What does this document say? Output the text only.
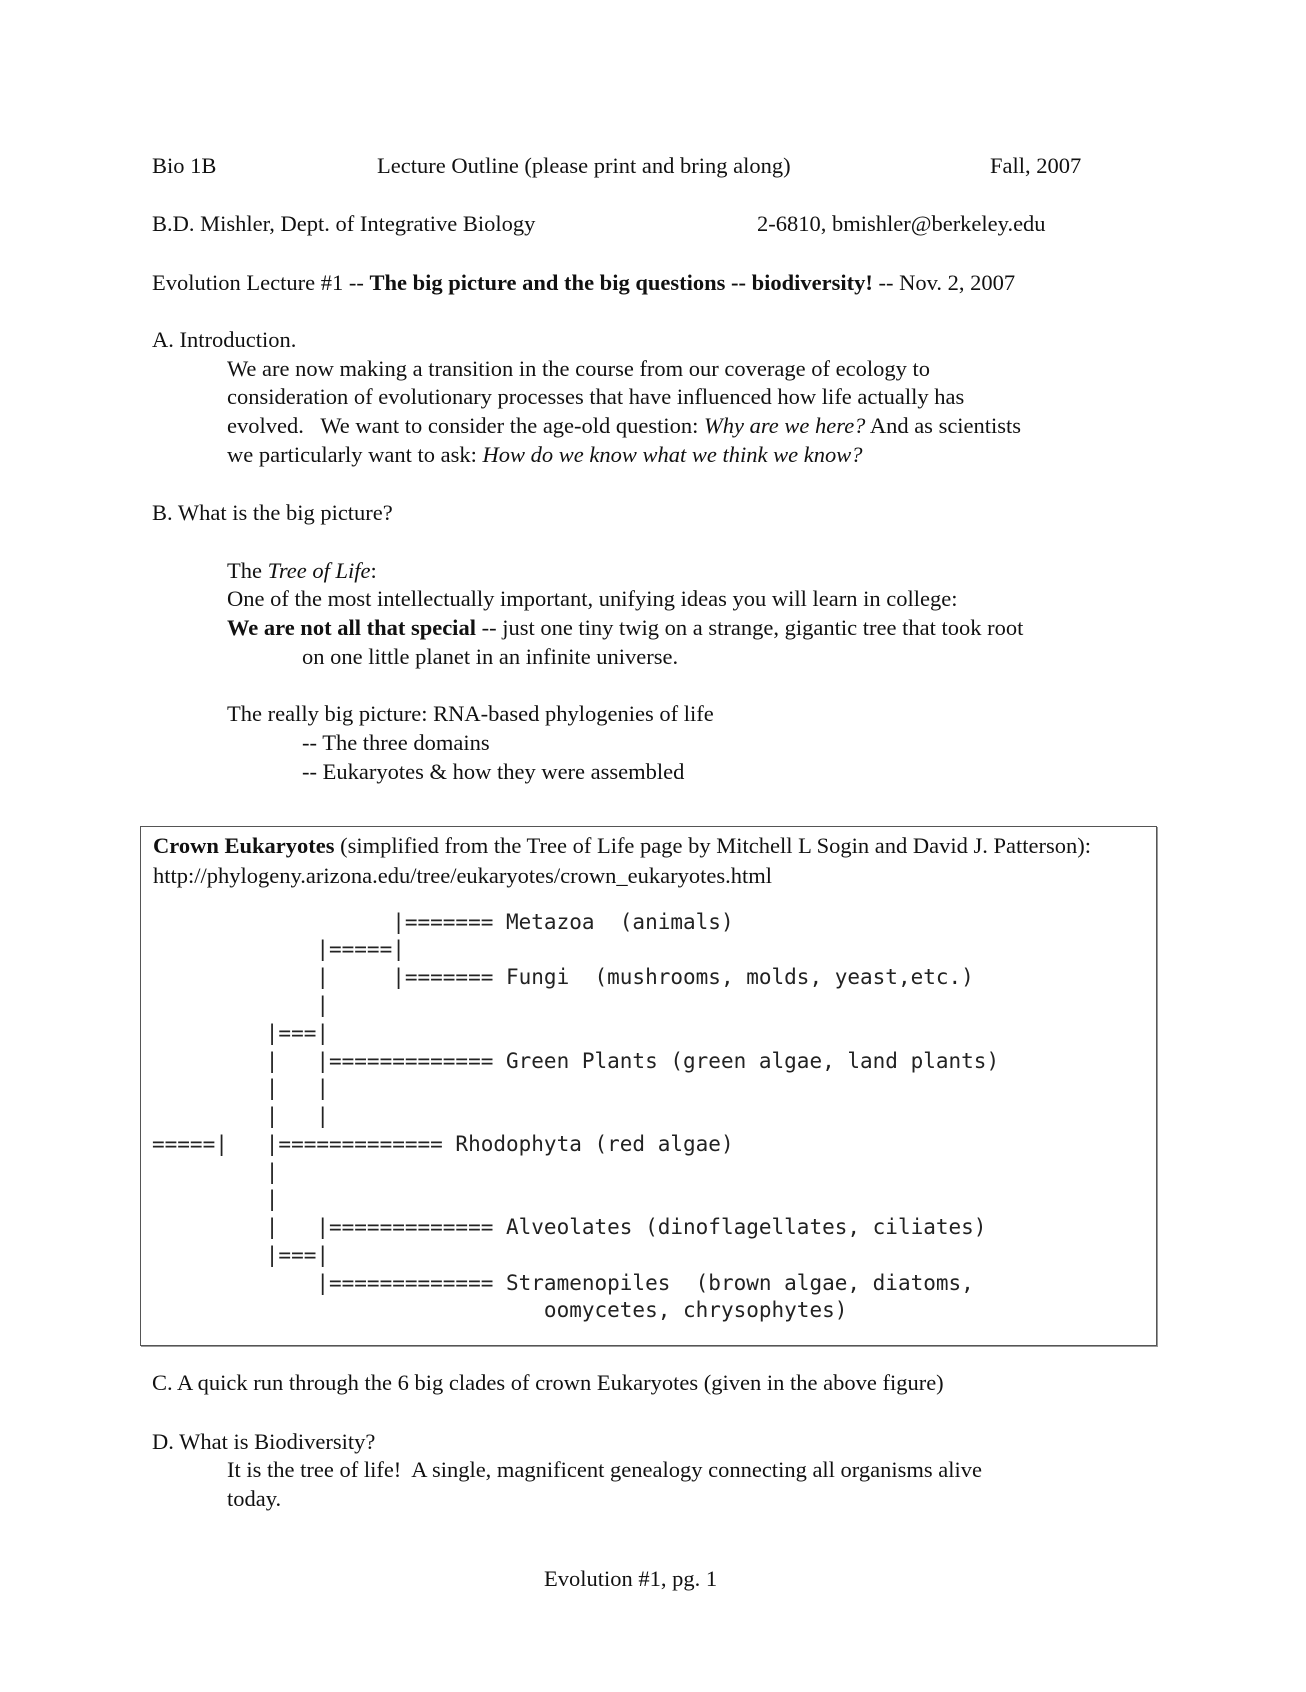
Bio 1B	Lecture Outline (please print and bring along)	Fall, 2007
B.D. Mishler, Dept. of Integrative Biology	2-6810, bmishler@berkeley.edu
Evolution Lecture #1 -- The big picture and the big questions -- biodiversity! -- Nov. 2, 2007
A. Introduction.
We are now making a transition in the course from our coverage of ecology to
consideration of evolutionary processes that have influenced how life actually has
evolved.   We want to consider the age-old question: Why are we here? And as scientists
we particularly want to ask: How do we know what we think we know?
B. What is the big picture?
The Tree of Life:
One of the most intellectually important, unifying ideas you will learn in college:
We are not all that special -- just one tiny twig on a strange, gigantic tree that took root
on one little planet in an infinite universe.
The really big picture: RNA-based phylogenies of life
-- The three domains
-- Eukaryotes & how they were assembled
Crown Eukaryotes (simplified from the Tree of Life page by Mitchell L Sogin and David J. Patterson): http://phylogeny.arizona.edu/tree/eukaryotes/crown_eukaryotes.html
|======= Metazoa  (animals)
|=====|
|     |======= Fungi  (mushrooms, molds, yeast,etc.)
|
|===|
|   |============= Green Plants (green algae, land plants)
|   |
|   |
=====|   |============= Rhodophyta (red algae)
|
|
|   |============= Alveolates (dinoflagellates, ciliates)
|===|
|============= Stramenopiles  (brown algae, diatoms,
oomycetes, chrysophytes)
C. A quick run through the 6 big clades of crown Eukaryotes (given in the above figure)
D. What is Biodiversity?
It is the tree of life!  A single, magnificent genealogy connecting all organisms alive
today.
Evolution #1, pg. 1
